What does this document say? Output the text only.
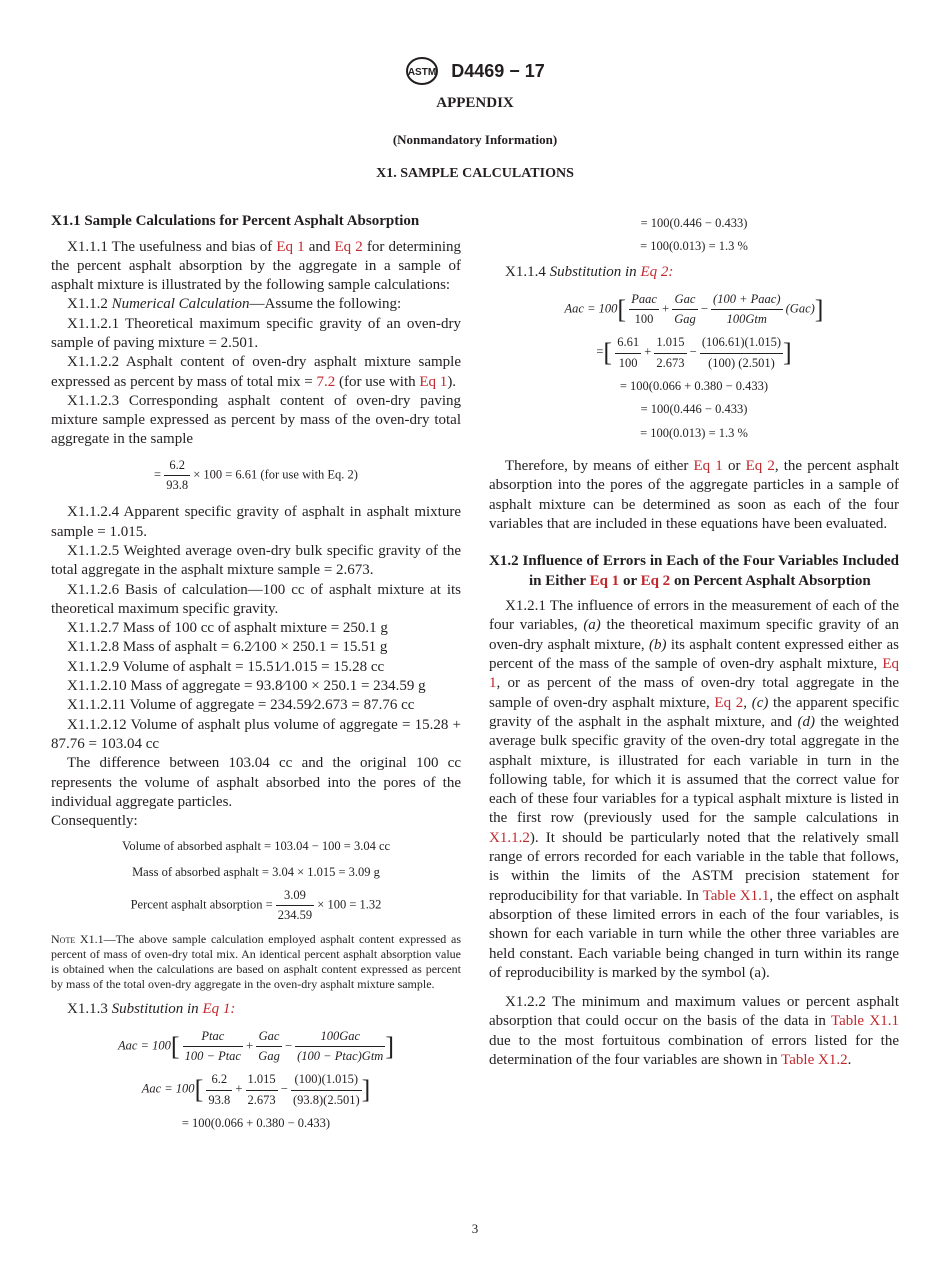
ASTM D4469 − 17
APPENDIX
(Nonmandatory Information)
X1. SAMPLE CALCULATIONS

X1.1 Sample Calculations for Percent Asphalt Absorption

X1.1.1 The usefulness and bias of Eq 1 and Eq 2 for determining the percent asphalt absorption by the aggregate in a sample of asphalt mixture is illustrated by the following sample calculations:

X1.1.2 Numerical Calculation—Assume the following:

X1.1.2.1 Theoretical maximum specific gravity of an oven-dry sample of paving mixture = 2.501.

X1.1.2.2 Asphalt content of oven-dry asphalt mixture sample expressed as percent by mass of total mix = 7.2 (for use with Eq 1).

X1.1.2.3 Corresponding asphalt content of oven-dry paving mixture sample expressed as percent by mass of the oven-dry total aggregate in the sample

= $\frac{6.2}{93.8} \times 100 = 6.61$ (for use with Eq. 2)

X1.1.2.4 Apparent specific gravity of asphalt in asphalt mixture sample = 1.015.

X1.1.2.5 Weighted average oven-dry bulk specific gravity of the total aggregate in the asphalt mixture sample = 2.673.

X1.1.2.6 Basis of calculation—100 cc of asphalt mixture at its theoretical maximum specific gravity.

X1.1.2.7 Mass of 100 cc of asphalt mixture = 250.1 g

X1.1.2.8 Mass of asphalt = 6.2⁄100 × 250.1 = 15.51 g

X1.1.2.9 Volume of asphalt = 15.51⁄1.015 = 15.28 cc

X1.1.2.10 Mass of aggregate = 93.8⁄100 × 250.1 = 234.59 g

X1.1.2.11 Volume of aggregate = 234.59⁄2.673 = 87.76 cc

X1.1.2.12 Volume of asphalt plus volume of aggregate = 15.28 + 87.76 = 103.04 cc

The difference between 103.04 cc and the original 100 cc represents the volume of asphalt absorbed into the pores of the individual aggregate particles.

Consequently:

Volume of absorbed asphalt = 103.04 − 100 = 3.04 cc
Mass of absorbed asphalt = 3.04 × 1.015 = 3.09 g
Percent asphalt absorption = $\frac{3.09}{234.59} \times 100 = 1.32$

Note X1.1—The above sample calculation employed asphalt content expressed as percent of mass of oven-dry total mix. An identical percent asphalt absorption value is obtained when the calculations are based on asphalt content expressed as percent by mass of the total oven-dry aggregate in the oven-dry asphalt mixture sample.

X1.1.3 Substitution in Eq 1:

Aac = $100[ \frac{\text{Ptac}}{\text{100 − Ptac}} + \frac{\text{Gac}}{\text{Gag}} - \frac{\text{100Gac}}{\text{(100 − Ptac)Gtm}}$ ]
Aac = $100[ \frac{6.2}{93.8} + \frac{1.015}{2.673} - \frac{(100)(1.015)}{(93.8)(2.501)}$ ]
= 100(0.066 + 0.380 − 0.433)
= 100(0.446 − 0.433)
= 100(0.013) = 1.3 %

X1.1.4 Substitution in Eq 2:

Aac = $100[ \frac{\text{Paac}}{100} + \frac{\text{Gac}}{\text{Gag}} - \frac{\text{(100 + Paac)}}{\text{100Gtm}} (Gac)]$
=[ $\frac{6.61}{100} + \frac{1.015}{2.673} - \frac{(106.61)(1.015)}{(100) (2.501)}$ ]
= 100(0.066 + 0.380 − 0.433)
= 100(0.446 − 0.433)
= 100(0.013) = 1.3 %

Therefore, by means of either Eq 1 or Eq 2, the percent asphalt absorption into the pores of the aggregate particles in a sample of asphalt mixture can be determined as soon as each of the four variables that are included in these equations have been evaluated.

X1.2 Influence of Errors in Each of the Four Variables Included in Either Eq 1 or Eq 2 on Percent Asphalt Absorption

X1.2.1 The influence of errors in the measurement of each of the four variables, (a) the theoretical maximum specific gravity of an oven-dry asphalt mixture, (b) its asphalt content expressed either as percent of the mass of the sample of oven-dry asphalt mixture, Eq 1, or as percent of the mass of oven-dry total aggregate in the sample of oven-dry asphalt mixture, Eq 2, (c) the apparent specific gravity of the asphalt in the asphalt mixture, and (d) the weighted average bulk specific gravity of the oven-dry total aggregate in the asphalt mixture, is illustrated for each variable in turn in the following table, for which it is assumed that the correct value for each of these four variables for a typical asphalt mixture is listed in the first row (previously used for the sample calculations in X1.1.2). It should be particularly noted that the relatively small range of errors recorded for each variable in the table that follows, is within the limits of the ASTM precision statement for reproducibility for that variable. In Table X1.1, the effect on asphalt absorption of these limited errors in each of the four variables, is shown for each variable in turn while the other three variables are held constant. Each variable being changed in turn within its range of reproducibility is marked by the symbol (a).

X1.2.2 The minimum and maximum values or percent asphalt absorption that could occur on the basis of the data in Table X1.1 due to the most fortuitous combination of errors listed for the determination of the four variables are shown in Table X1.2.

3
